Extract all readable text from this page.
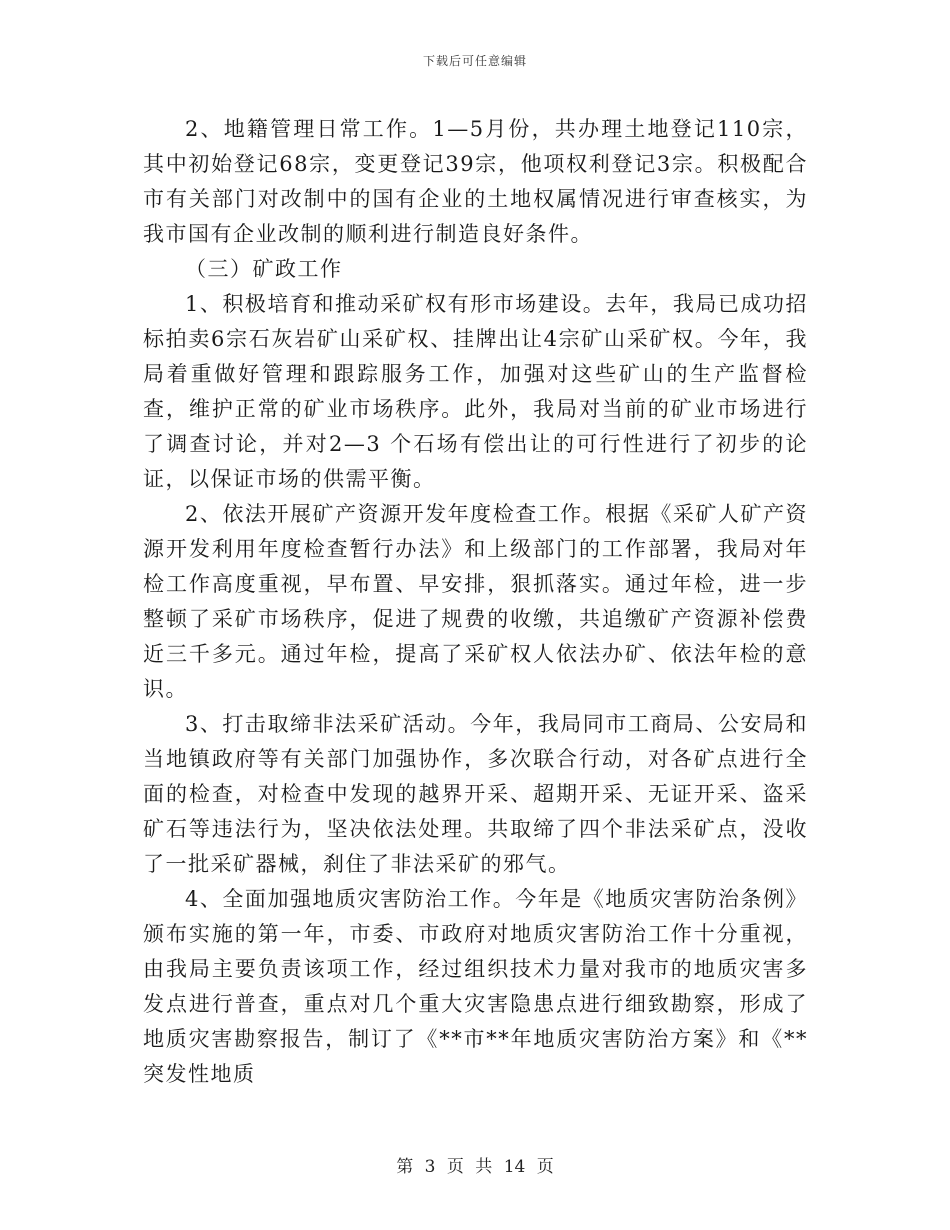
下载后可任意编辑

2、地籍管理日常工作。1—5月份，共办理土地登记110宗，其中初始登记68宗，变更登记39宗，他项权利登记3宗。积极配合市有关部门对改制中的国有企业的土地权属情况进行审查核实，为我市国有企业改制的顺利进行制造良好条件。

（三）矿政工作

1、积极培育和推动采矿权有形市场建设。去年，我局已成功招标拍卖6宗石灰岩矿山采矿权、挂牌出让4宗矿山采矿权。今年，我局着重做好管理和跟踪服务工作，加强对这些矿山的生产监督检查，维护正常的矿业市场秩序。此外，我局对当前的矿业市场进行了调查讨论，并对2—3 个石场有偿出让的可行性进行了初步的论证，以保证市场的供需平衡。

2、依法开展矿产资源开发年度检查工作。根据《采矿人矿产资源开发利用年度检查暂行办法》和上级部门的工作部署，我局对年检工作高度重视，早布置、早安排，狠抓落实。通过年检，进一步整顿了采矿市场秩序，促进了规费的收缴，共追缴矿产资源补偿费近三千多元。通过年检，提高了采矿权人依法办矿、依法年检的意识。

3、打击取缔非法采矿活动。今年，我局同市工商局、公安局和当地镇政府等有关部门加强协作，多次联合行动，对各矿点进行全面的检查，对检查中发现的越界开采、超期开采、无证开采、盗采矿石等违法行为，坚决依法处理。共取缔了四个非法采矿点，没收了一批采矿器械，刹住了非法采矿的邪气。

4、全面加强地质灾害防治工作。今年是《地质灾害防治条例》颁布实施的第一年，市委、市政府对地质灾害防治工作十分重视，由我局主要负责该项工作，经过组织技术力量对我市的地质灾害多发点进行普查，重点对几个重大灾害隐患点进行细致勘察，形成了地质灾害勘察报告，制订了《**市**年地质灾害防治方案》和《**突发性地质

第 3 页 共 14 页
